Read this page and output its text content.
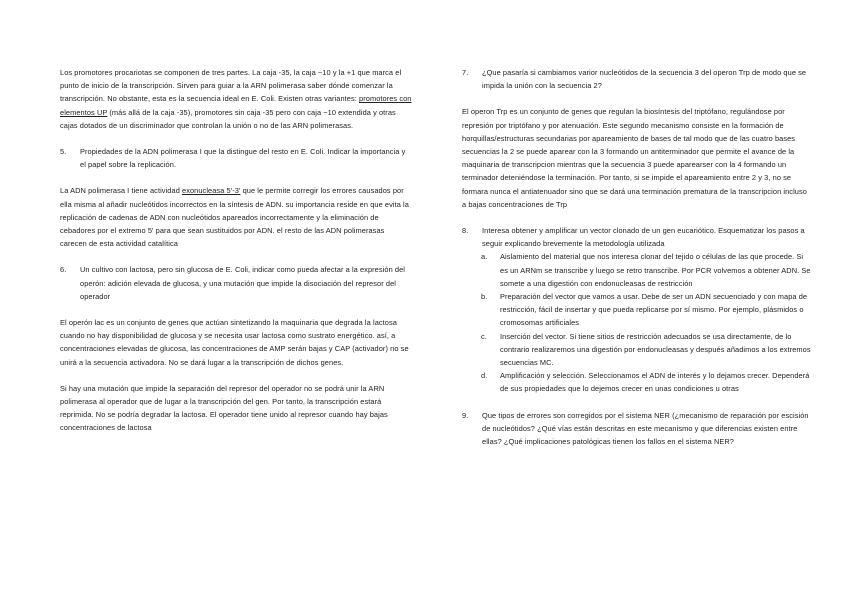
Los promotores procariotas se componen de tres partes. La caja -35, la caja −10 y la +1 que marca el punto de inicio de la transcripción. Sirven para guiar a la ARN polimerasa saber dónde comenzar la transcripción. No obstante, esta es la secuencia ideal en E. Coli. Existen otras variantes: promotores con elementos UP (más allá de la caja -35), promotores sin caja -35 pero con caja −10 extendida y otras cajas dotados de un discriminador que controlan la unión o no de las ARN polimerasas.

5. Propiedades de la ADN polimerasa I que la distingue del resto en E. Coli. Indicar la importancia y el papel sobre la replicación.

La ADN polimerasa I tiene actividad exonucleasa 5'-3' que le permite corregir los errores causados por ella misma al añadir nucleótidos incorrectos en la síntesis de ADN. su importancia reside en que evita la replicación de cadenas de ADN con nucleótidos apareados incorrectamente y la eliminación de cebadores por el extremo 5' para que sean sustituidos por ADN. el resto de las ADN polimerasas carecen de esta actividad catalítica

6. Un cultivo con lactosa, pero sin glucosa de E. Coli, indicar como pueda afectar a la expresión del operón: adición elevada de glucosa, y una mutación que impide la disociación del represor del operador

El operón lac es un conjunto de genes que actúan sintetizando la maquinaria que degrada la lactosa cuando no hay disponibilidad de glucosa y se necesita usar lactosa como sustrato energético. así, a concentraciones elevadas de glucosa, las concentraciones de AMP serán bajas y CAP (activador) no se unirá a la secuencia activadora. No se dará lugar a la transcripción de dichos genes.

Si hay una mutación que impide la separación del represor del operador no se podrá unir la ARN polimerasa al operador que de lugar a la transcripción del gen. Por tanto, la transcripción estará reprimida. No se podría degradar la lactosa. El operador tiene unido al represor cuando hay bajas concentraciones de lactosa

7. ¿Que pasaría si cambiamos varior nucleótidos de la secuencia 3 del operon Trp de modo que se impida la unión con la secuencia 2?

El operon Trp es un conjunto de genes que regulan la biosíntesis del triptófano, regulándose por represión por triptófano y por atenuación. Este segundo mecanismo consiste en la formación de horquillas/estructuras secundarias por apareamiento de bases de tal modo que de las cuatro bases secuencias la 2 se puede aparear con la 3 formando un antiterminador que permite el avance de la maquinaria de transcripcion mientras que la secuencia 3 puede aparearser con la 4 formando un terminador deteniéndose la terminación. Por tanto, si se impide el apareamiento entre 2 y 3, no se formara nunca el antiatenuador sino que se dará una terminación prematura de la transcripcion incluso a bajas concentraciones de Trp

8. Interesa obtener y amplificar un vector clonado de un gen eucariótico. Esquematizar los pasos a seguir explicando brevemente la metodología utilizada

a. Aislamiento del material que nos interesa clonar del tejido o células de las que procede. Si es un ARNm se transcribe y luego se retro transcribe. Por PCR volvemos a obtener ADN. Se somete a una digestión con endonucleasas de restricción

b. Preparación del vector que vamos a usar. Debe de ser un ADN secuenciado y con mapa de restricción, fácil de insertar y que pueda replicarse por sí mismo. Por ejemplo, plásmidos o cromosomas artificiales

c. Inserción del vector. Si tiene sitios de restricción adecuados se usa directamente, de lo contrario realizaremos una digestión por endonucleasas y después añadimos a los extremos secuencias MC.

d. Amplificación y selección. Seleccionamos el ADN de interés y lo dejamos crecer. Dependerá de sus propiedades que lo dejemos crecer en unas condiciones u otras

9. Que tipos de errores son corregidos por el sistema NER (¿mecanismo de reparación por escisión de nucleótidos? ¿Qué vías están descritas en este mecanismo y que diferencias existen entre ellas? ¿Qué implicaciones patológicas tienen los fallos en el sistema NER?
